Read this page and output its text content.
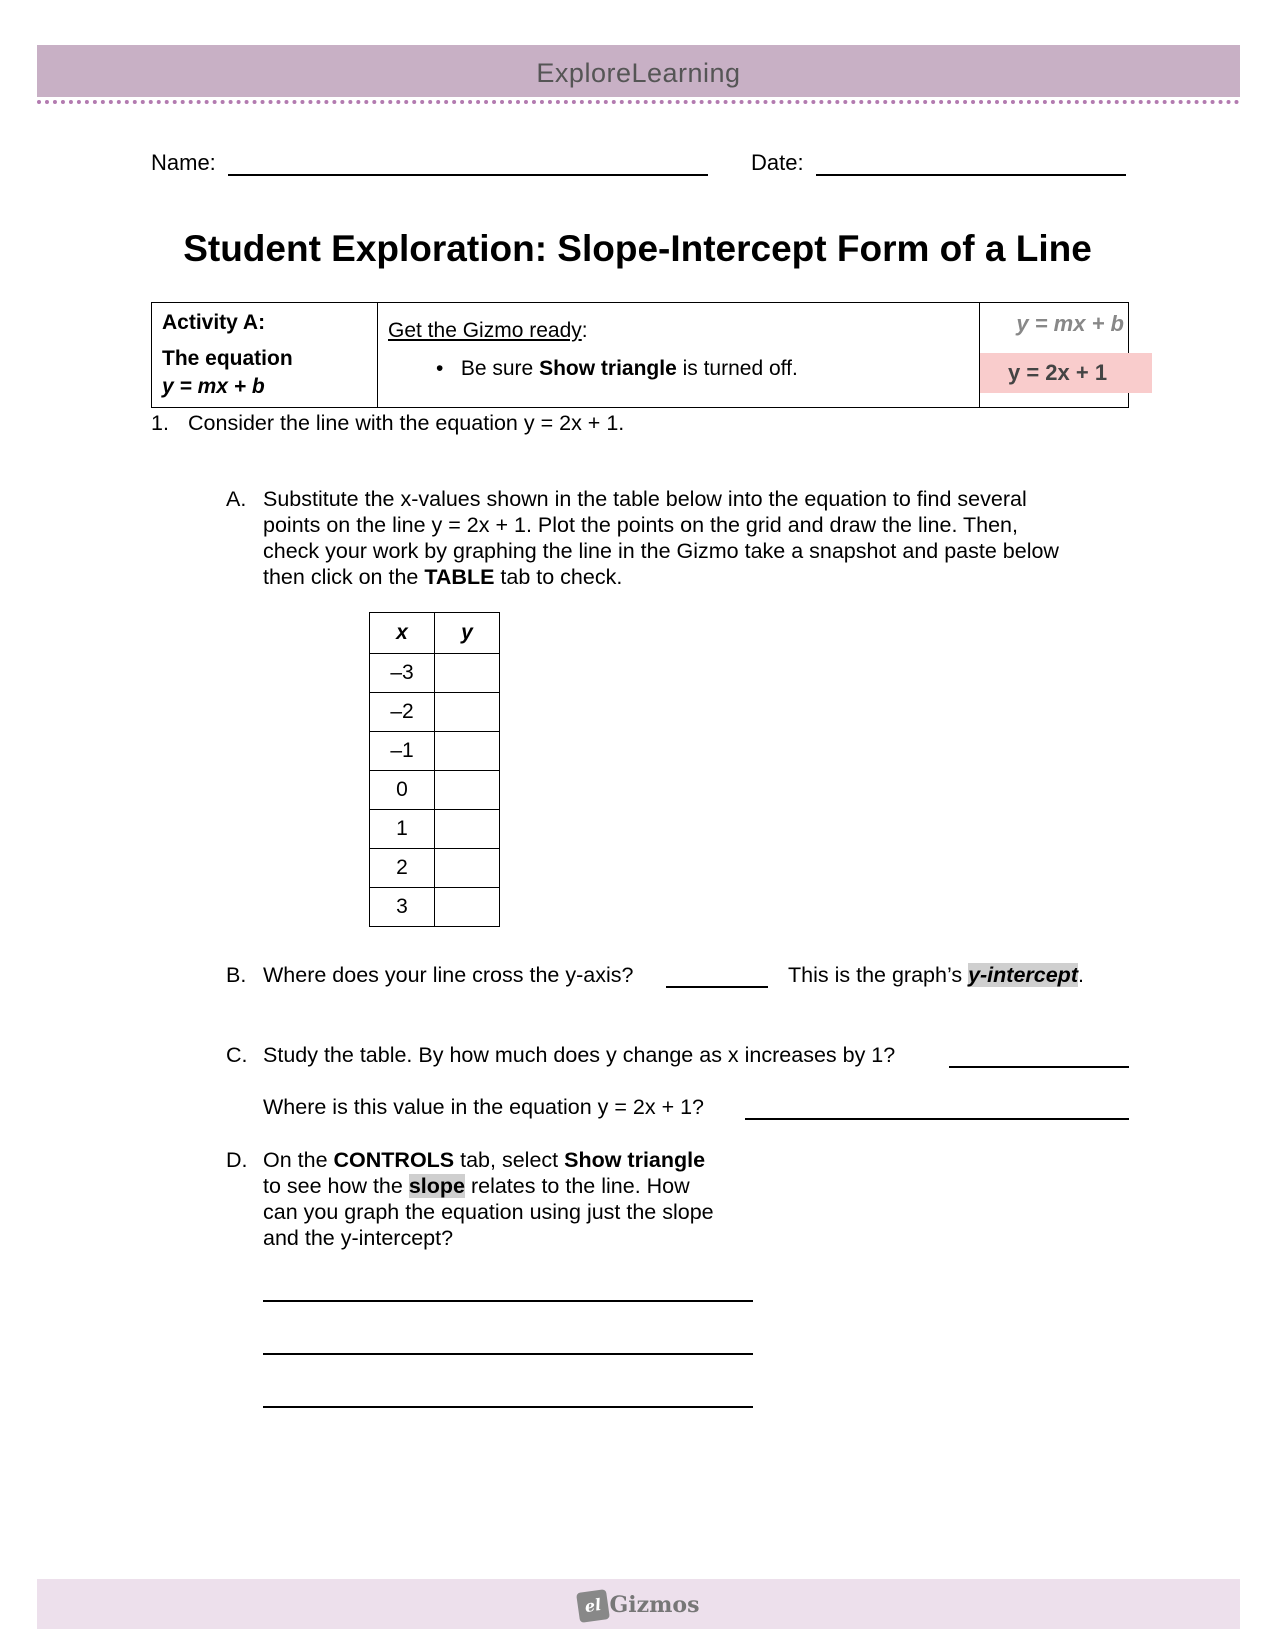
ExploreLearning
Name:	Date:
Student Exploration: Slope-Intercept Form of a Line
Activity A:
The equation
y = mx + b

Get the Gizmo ready:
•   Be sure Show triangle is turned off.

y = mx + b
y = 2x + 1
1. Consider the line with the equation y = 2x + 1.
A. Substitute the x-values shown in the table below into the equation to find several
points on the line y = 2x + 1. Plot the points on the grid and draw the line. Then,
check your work by graphing the line in the Gizmo take a snapshot and paste below
then click on the TABLE tab to check.
x	y
–3	
–2	
–1	
0	
1	
2	
3	
B. Where does your line cross the y-axis?	This is the graph’s y-intercept.
C. Study the table. By how much does y change as x increases by 1?
Where is this value in the equation y = 2x + 1?
D. On the CONTROLS tab, select Show triangle
to see how the slope relates to the line. How
can you graph the equation using just the slope
and the y-intercept?
el Gizmos
